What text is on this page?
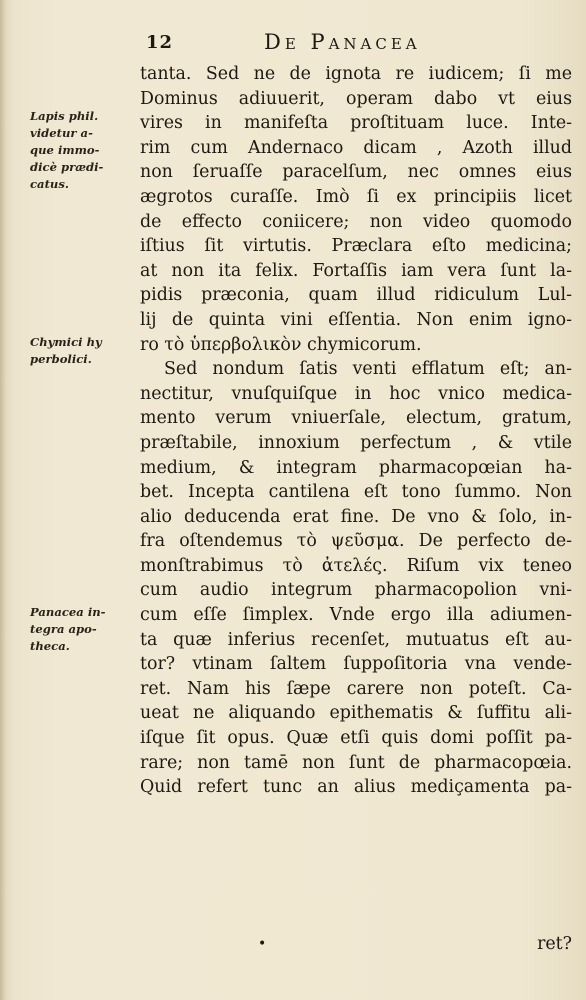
12	De Panacea
Lapis phil.
videtur a-
que immo-
dicè prædi-
catus.
Chymici hy
perbolici.
Panacea in-
tegra apo-
theca.
tanta. Sed ne de ignota re iudicem; ſi me
Dominus adiuuerit, operam dabo vt eius
vires in manifeſta proſtituam luce. Inte-
rim cum Andernaco dicam , Azoth illud
non ſeruaſſe paracelſum, nec omnes eius
ægrotos curaſſe. Imò ſi ex principiis licet
de effecto coniicere; non video quomodo
iſtius ſit virtutis. Præclara eſto medicina;
at non ita felix. Fortaſſis iam vera ſunt la-
pidis præconia, quam illud ridiculum Lul-
lij de quinta vini eſſentia. Non enim igno-
ro τὸ ὑπερβολικὸν chymicorum.
Sed nondum ſatis venti efflatum eſt; an-
nectitur, vnuſquiſque in hoc vnico medica-
mento verum vniuerſale, electum, gratum,
præſtabile, innoxium perfectum , & vtile
medium, & integram pharmacopœian ha-
bet. Incepta cantilena eſt tono ſummo. Non
alio deducenda erat fine. De vno & ſolo, in-
fra oſtendemus τὸ ψεῦσμα. De perfecto de-
monſtrabimus τὸ ἀτελές. Riſum vix teneo
cum audio integrum pharmacopolion vni-
cum eſſe ſimplex. Vnde ergo illa adiumen-
ta quæ inferius recenſet, mutuatus eſt au-
tor? vtinam ſaltem ſuppoſitoria vna vende-
ret. Nam his ſæpe carere non poteſt. Ca-
ueat ne aliquando epithematis & ſuffitu ali-
iſque ſit opus. Quæ etſi quis domi poſſit pa-
rare; non tamē non ſunt de pharmacopœia.
Quid refert tunc an alius mediçamenta pa-
•	ret?
